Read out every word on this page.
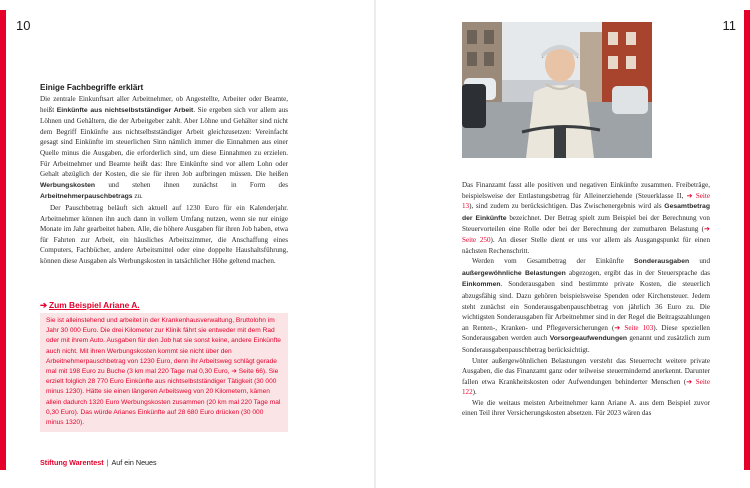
10	11
Einige Fachbegriffe erklärt

Die zentrale Einkunftsart aller Arbeitnehmer, ob Angestellte, Arbeiter oder Beamte, heißt Einkünfte aus nichtselbstständiger Arbeit. Sie ergeben sich vor allem aus Löhnen und Gehältern, die der Arbeitgeber zahlt. Aber Löhne und Gehälter sind nicht dem Begriff Einkünfte aus nichtselbstständiger Arbeit gleichzusetzen: Vereinfacht gesagt sind Einkünfte im steuerlichen Sinn nämlich immer die Einnahmen aus einer Quelle minus die Ausgaben, die erforderlich sind, um diese Einnahmen zu erzielen. Für Arbeitnehmer und Beamte heißt das: Ihre Einkünfte sind vor allem Lohn oder Gehalt abzüglich der Kosten, die sie für ihren Job aufbringen müssen. Die heißen Werbungskosten und stehen ihnen zunächst in Form des Arbeitnehmerpauschbetrags zu.

Der Pauschbetrag beläuft sich aktuell auf 1230 Euro für ein Kalenderjahr. Arbeitnehmer können ihn auch dann in vollem Umfang nutzen, wenn sie nur einige Monate im Jahr gearbeitet haben. Alle, die höhere Ausgaben für ihren Job haben, etwa für Fahrten zur Arbeit, ein häusliches Arbeitszimmer, die Anschaffung eines Computers, Fachbücher, andere Arbeitsmittel oder eine doppelte Haushaltsführung, können diese Ausgaben als Werbungskosten in tatsächlicher Höhe geltend machen.

➔ Zum Beispiel Ariane A.
Sie ist alleinstehend und arbeitet in der Krankenhausverwaltung, Bruttolohn im Jahr 30 000 Euro. Die drei Kilometer zur Klinik fährt sie entweder mit dem Rad oder mit ihrem Auto. Ausgaben für den Job hat sie sonst keine, andere Einkünfte auch nicht. Mit ihren Werbungskosten kommt sie nicht über den Arbeitnehmerpauschbetrag von 1230 Euro, denn ihr Arbeitsweg schlägt gerade mal mit 198 Euro zu Buche (3 km mal 220 Tage mal 0,30 Euro, ➔ Seite 66). Sie erzielt folglich 28 770 Euro Einkünfte aus nichtselbstständiger Tätigkeit (30 000 minus 1230). Hätte sie einen längeren Arbeitsweg von 20 Kilometern, kämen allein dadurch 1320 Euro Werbungskosten zusammen (20 km mal 220 Tage mal 0,30 Euro). Das würde Arianes Einkünfte auf 28 680 Euro drücken (30 000 minus 1320).
Stiftung Warentest | Auf ein Neues

Das Finanzamt fasst alle positiven und negativen Einkünfte zusammen. Freibeträge, beispielsweise der Entlastungsbetrag für Alleinerziehende (Steuerklasse II, ➔ Seite 13), sind zudem zu berücksichtigen. Das Zwischenergebnis wird als Gesamtbetrag der Einkünfte bezeichnet. Der Betrag spielt zum Beispiel bei der Berechnung von Steuervorteilen eine Rolle oder bei der Berechnung der zumutbaren Belastung (➔ Seite 250). An dieser Stelle dient er uns vor allem als Ausgangspunkt für einen nächsten Rechenschritt.

Werden vom Gesamtbetrag der Einkünfte Sonderausgaben und außergewöhnliche Belastungen abgezogen, ergibt das in der Steuersprache das Einkommen. Sonderausgaben sind bestimmte private Kosten, die steuerlich abzugsfähig sind. Dazu gehören beispielsweise Spenden oder Kirchensteuer. Jedem steht zunächst ein Sonderausgabenpauschbetrag von jährlich 36 Euro zu. Die wichtigsten Sonderausgaben für Arbeitnehmer sind in der Regel die Beitragszahlungen an Renten-, Kranken- und Pflegeversicherungen (➔ Seite 103). Diese speziellen Sonderausgaben werden auch Vorsorgeaufwendungen genannt und zusätzlich zum Sonderausgabenpauschbetrag berücksichtigt.

Unter außergewöhnlichen Belastungen versteht das Steuerrecht weitere private Ausgaben, die das Finanzamt ganz oder teilweise steuermindernd anerkennt. Darunter fallen etwa Krankheitskosten oder Aufwendungen behinderter Menschen (➔ Seite 122).

Wie die weitaus meisten Arbeitnehmer kann Ariane A. aus dem Beispiel zuvor einen Teil ihrer Versicherungskosten absetzen. Für 2023 wären das
